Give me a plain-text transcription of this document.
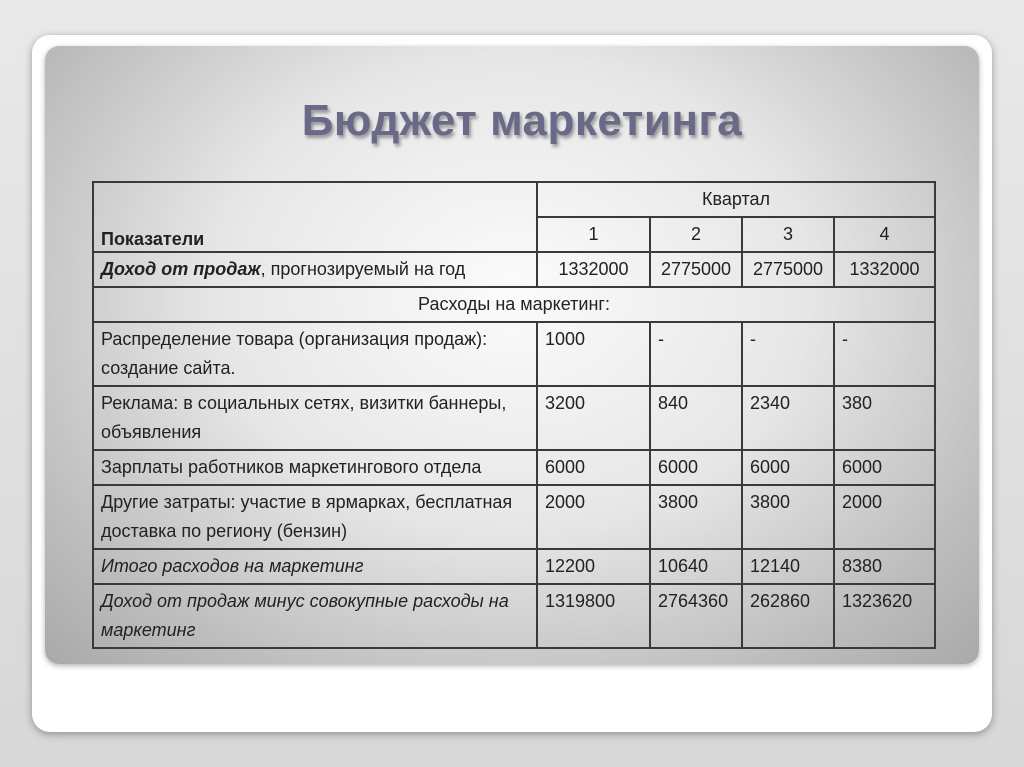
Бюджет маркетинга
Показатели	Квартал			
	1	2	3	4
Доход от продаж, прогнозируемый на год	1332000	2775000	2775000	1332000
Расходы на маркетинг:				
Распределение товара (организация продаж): создание сайта.	1000	-	-	-
Реклама: в социальных сетях, визитки баннеры, объявления	3200	840	2340	380
Зарплаты работников маркетингового отдела	6000	6000	6000	6000
Другие затраты: участие в ярмарках, бесплатная доставка по региону (бензин)	2000	3800	3800	2000
Итого расходов на маркетинг	12200	10640	12140	8380
Доход от продаж минус совокупные расходы на маркетинг	1319800	2764360	262860	1323620
